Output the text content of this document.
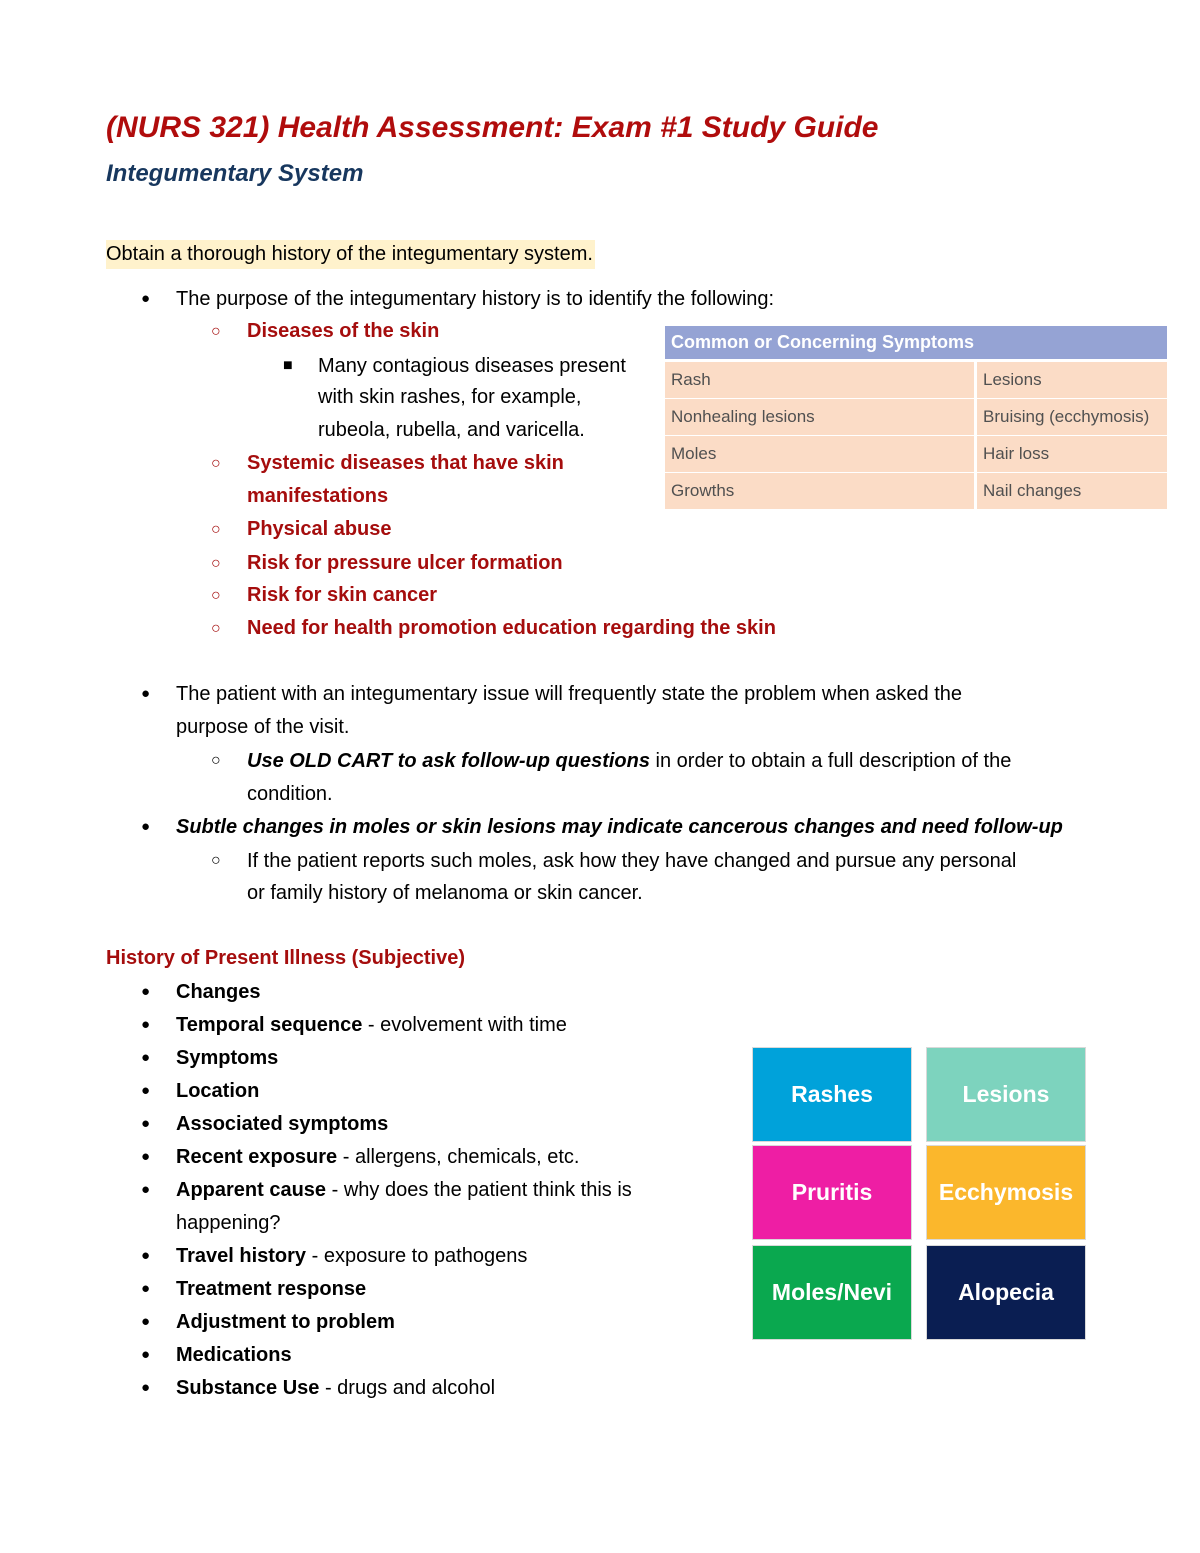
(NURS 321) Health Assessment: Exam #1 Study Guide
Integumentary System
Obtain a thorough history of the integumentary system.
● The purpose of the integumentary history is to identify the following:
○ Diseases of the skin
■ Many contagious diseases present
with skin rashes, for example,
rubeola, rubella, and varicella.
○ Systemic diseases that have skin
manifestations
○ Physical abuse
○ Risk for pressure ulcer formation
○ Risk for skin cancer
○ Need for health promotion education regarding the skin
Common or Concerning Symptoms	
Rash	Lesions
Nonhealing lesions	Bruising (ecchymosis)
Moles	Hair loss
Growths	Nail changes
● The patient with an integumentary issue will frequently state the problem when asked the
purpose of the visit.
○ Use OLD CART to ask follow-up questions in order to obtain a full description of the
condition.
● Subtle changes in moles or skin lesions may indicate cancerous changes and need follow-up
○ If the patient reports such moles, ask how they have changed and pursue any personal
or family history of melanoma or skin cancer.
History of Present Illness (Subjective)
● Changes
● Temporal sequence - evolvement with time
● Symptoms
● Location
● Associated symptoms
● Recent exposure - allergens, chemicals, etc.
● Apparent cause - why does the patient think this is
happening?
● Travel history - exposure to pathogens
● Treatment response
● Adjustment to problem
● Medications
● Substance Use - drugs and alcohol
Rashes	Lesions
Pruritis	Ecchymosis
Moles/Nevi	Alopecia
